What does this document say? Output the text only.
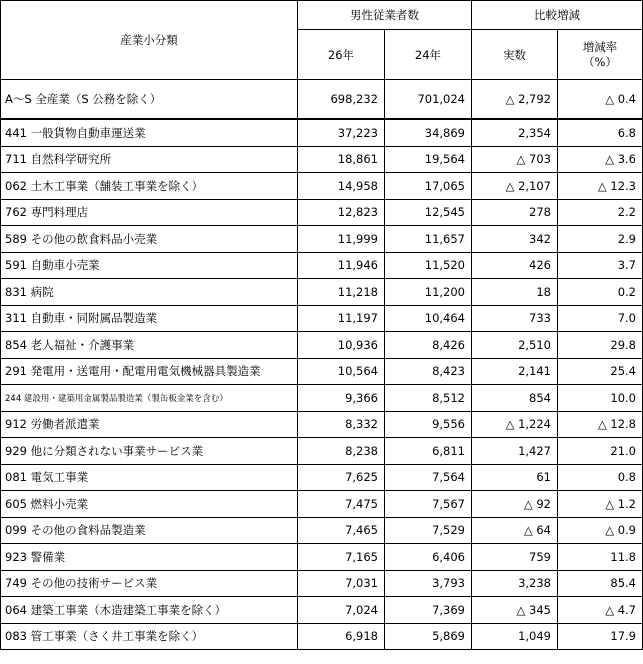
産業小分類	男性従業者数		比較増減	
	26年	24年	実数	増減率
（%）

A～S 全産業（S 公務を除く）	698,232	701,024	△ 2,792	△ 0.4
441 一般貨物自動車運送業	37,223	34,869	2,354	6.8
711 自然科学研究所	18,861	19,564	△ 703	△ 3.6
062 土木工事業（舗装工事業を除く）	14,958	17,065	△ 2,107	△ 12.3
762 専門料理店	12,823	12,545	278	2.2
589 その他の飲食料品小売業	11,999	11,657	342	2.9
591 自動車小売業	11,946	11,520	426	3.7
831 病院	11,218	11,200	18	0.2
311 自動車・同附属品製造業	11,197	10,464	733	7.0
854 老人福祉・介護事業	10,936	8,426	2,510	29.8
291 発電用・送電用・配電用電気機械器具製造業	10,564	8,423	2,141	25.4
244 建設用・建築用金属製品製造業（製缶板金業を含む）	9,366	8,512	854	10.0
912 労働者派遣業	8,332	9,556	△ 1,224	△ 12.8
929 他に分類されない事業サービス業	8,238	6,811	1,427	21.0
081 電気工事業	7,625	7,564	61	0.8
605 燃料小売業	7,475	7,567	△ 92	△ 1.2
099 その他の食料品製造業	7,465	7,529	△ 64	△ 0.9
923 警備業	7,165	6,406	759	11.8
749 その他の技術サービス業	7,031	3,793	3,238	85.4
064 建築工事業（木造建築工事業を除く）	7,024	7,369	△ 345	△ 4.7
083 管工事業（さく井工事業を除く）	6,918	5,869	1,049	17.9
